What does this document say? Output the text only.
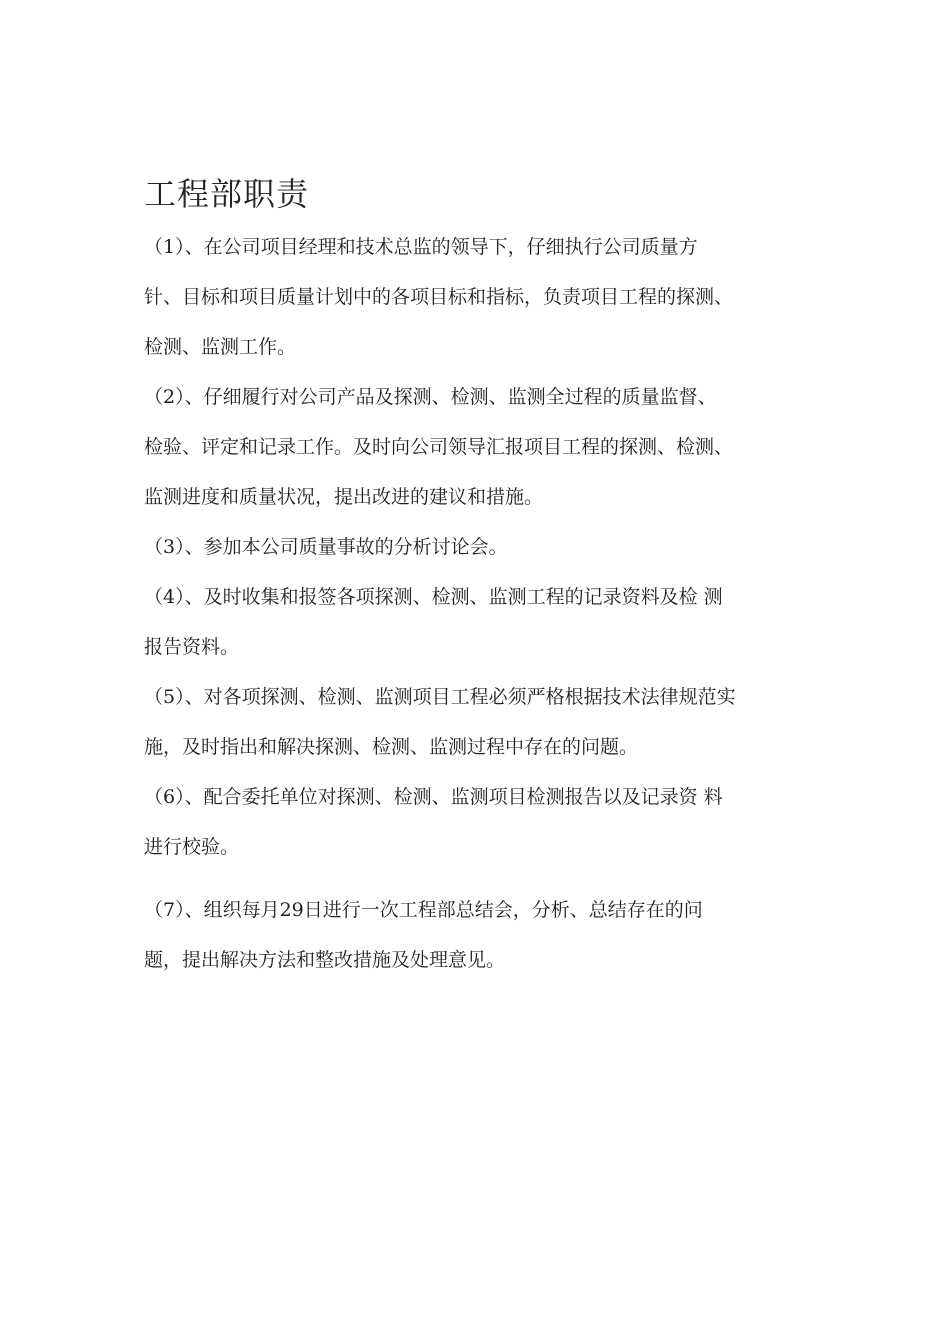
工程部职责
（1）、在公司项目经理和技术总监的领导下，仔细执行公司质量方
针、目标和项目质量计划中的各项目标和指标，负责项目工程的探测、
检测、监测工作。
（2）、仔细履行对公司产品及探测、检测、监测全过程的质量监督、
检验、评定和记录工作。及时向公司领导汇报项目工程的探测、检测、
监测进度和质量状况，提出改进的建议和措施。
（3）、参加本公司质量事故的分析讨论会。
（4）、及时收集和报签各项探测、检测、监测工程的记录资料及检 测
报告资料。
（5）、对各项探测、检测、监测项目工程必须严格根据技术法律规范实
施，及时指出和解决探测、检测、监测过程中存在的问题。
（6）、配合委托单位对探测、检测、监测项目检测报告以及记录资 料
进行校验。
（7）、组织每月29日进行一次工程部总结会，分析、总结存在的问
题，提出解决方法和整改措施及处理意见。
